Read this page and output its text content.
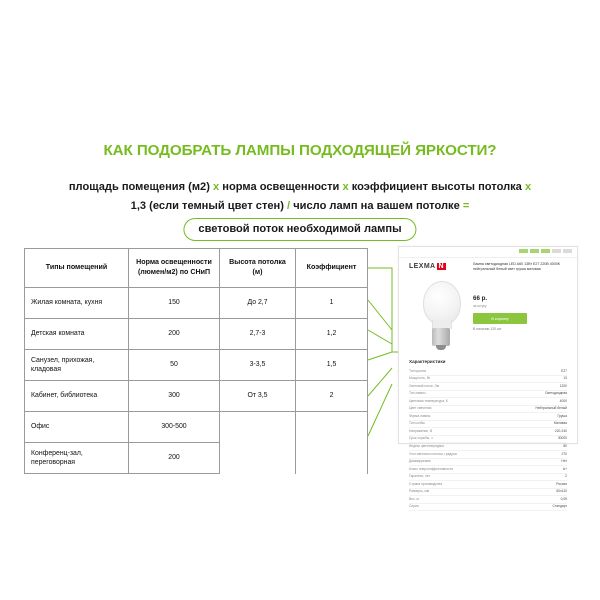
КАК ПОДОБРАТЬ ЛАМПЫ ПОДХОДЯЩЕЙ ЯРКОСТИ?
площадь помещения (м2) х норма освещенности х коэффициент высоты потолка х
1,3 (если темный цвет стен) / число ламп на вашем потолке =
световой поток необходимой лампы
Типы помещений	Норма освещенности (люмен/м2) по СНиП	Высота потолка (м)	Коэффициент
Жилая комната, кухня	150	До 2,7	1
Детская комната	200	2,7-3	1,2
Санузел, прихожая, кладовая	50	3-3,5	1,5
Кабинет, библиотека	300	От 3,5	2
Офис	300-500		
Конференц-зал, переговорная	200		
LEXMA N	Лампа светодиодная LED A60 13Вт E27 220В 4000K нейтральный белый свет груша матовая
66 р.
за штуку
В корзину
В наличии 120 шт.
Характеристики
Тип цоколя	E27
Мощность, Вт	13
Световой поток, Лм	1200
Тип лампы	Светодиодная
Цветовая температура, К	4000
Цвет свечения	Нейтральный белый
Форма лампы	Груша
Тип колбы	Матовая
Напряжение, В	220-240
Срок службы, ч	30000
Индекс цветопередачи	80
Угол светового потока, градусы	270
Диммируемая	Нет
Класс энергоэффективности	A+
Гарантия, лет	2
Страна производства	Россия
Размеры, мм	60x110
Вес, кг	0,05
Серия	Стандарт
